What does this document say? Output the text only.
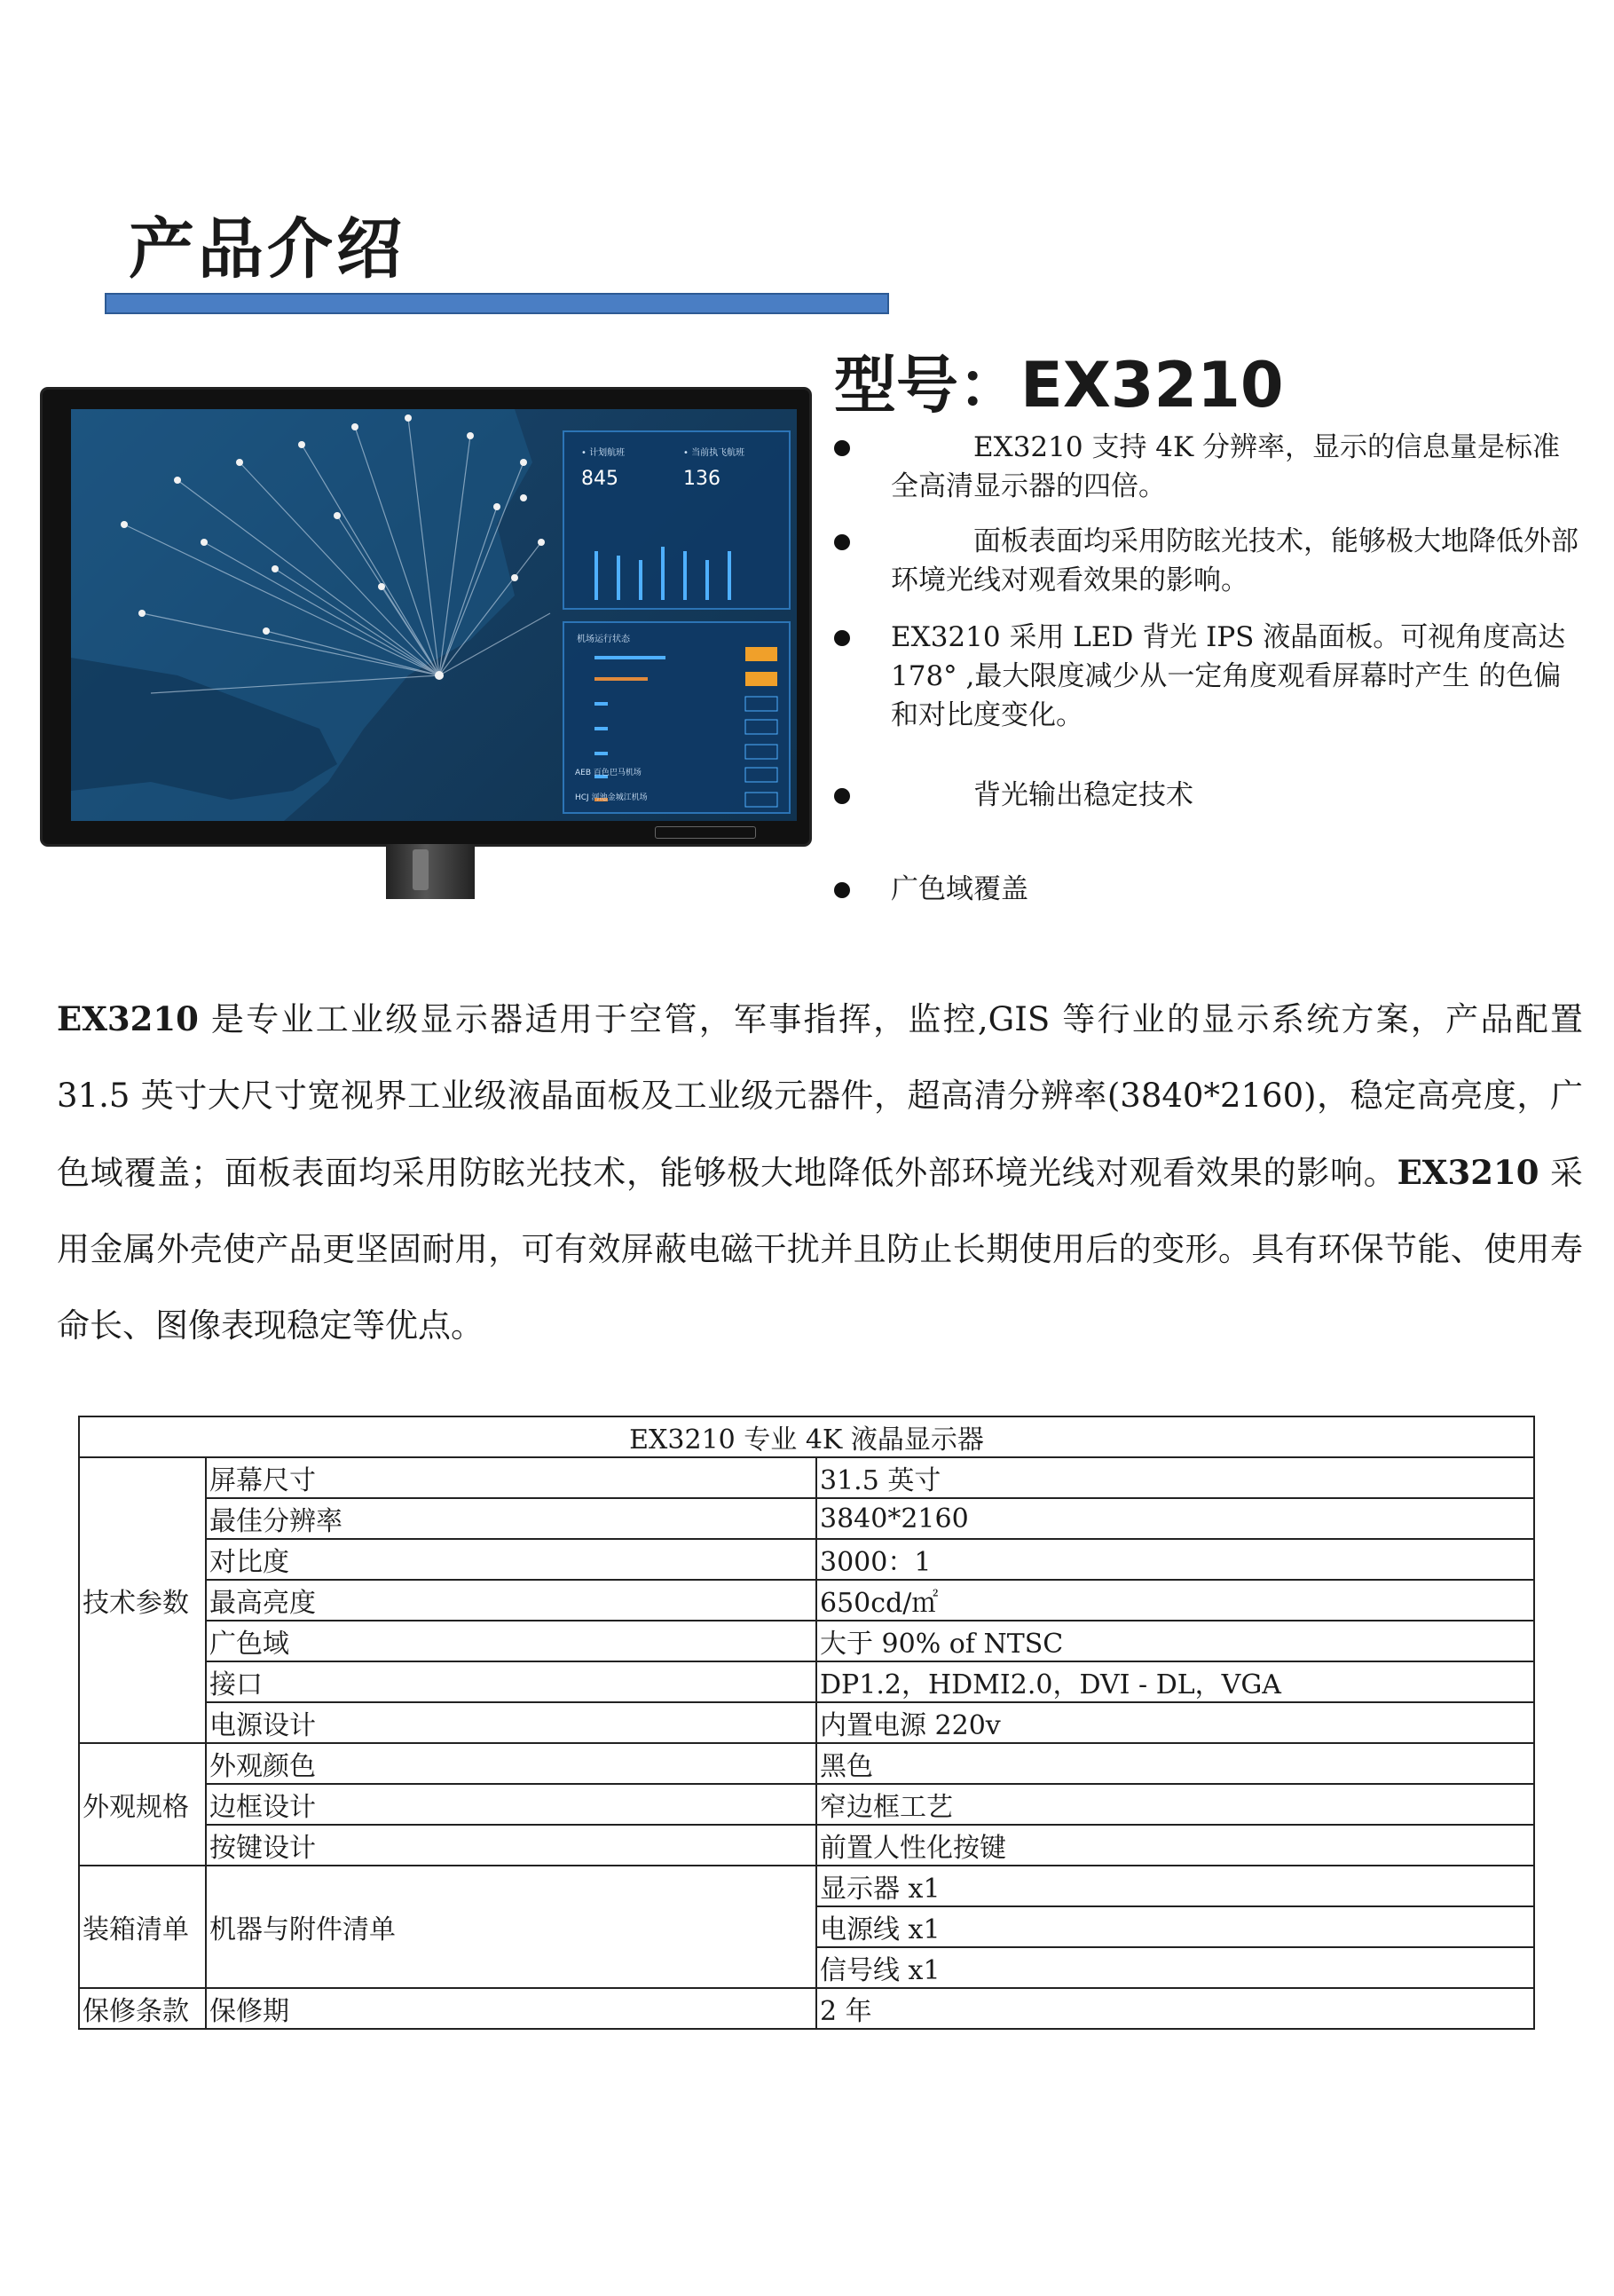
产品介绍
型号：EX3210
• 计划航班
845
• 当前执飞航班
136
机场运行状态
AEB 百色巴马机场
HCJ 河池金城江机场
　　　EX3210 支持 4K 分辨率，显示的信息量是标准全高清显示器的四倍。
　　　面板表面均采用防眩光技术，能够极大地降低外部环境光线对观看效果的影响。
EX3210 采用 LED 背光 IPS 液晶面板。可视角度高达 178° ,最大限度减少从一定角度观看屏幕时产生 的色偏和对比度变化。
　　　背光输出稳定技术
广色域覆盖
EX3210 是专业工业级显示器适用于空管，军事指挥，监控,GIS 等行业的显示系统方案，产品配置 31.5 英寸大尺寸宽视界工业级液晶面板及工业级元器件，超高清分辨率(3840*2160)，稳定高亮度，广色域覆盖；面板表面均采用防眩光技术，能够极大地降低外部环境光线对观看效果的影响。EX3210 采用金属外壳使产品更坚固耐用，可有效屏蔽电磁干扰并且防止长期使用后的变形。具有环保节能、使用寿命长、图像表现稳定等优点。
EX3210 专业 4K 液晶显示器		
技术参数	屏幕尺寸	31.5 英寸
	最佳分辨率	3840*2160
	对比度	3000：1
	最高亮度	650cd/㎡
	广色域	大于 90% of NTSC
	接口	DP1.2，HDMI2.0，DVI - DL，VGA
	电源设计	内置电源 220v
外观规格	外观颜色	黑色
	边框设计	窄边框工艺
	按键设计	前置人性化按键
装箱清单	机器与附件清单	显示器 x1
		电源线 x1
		信号线 x1
保修条款	保修期	2 年
